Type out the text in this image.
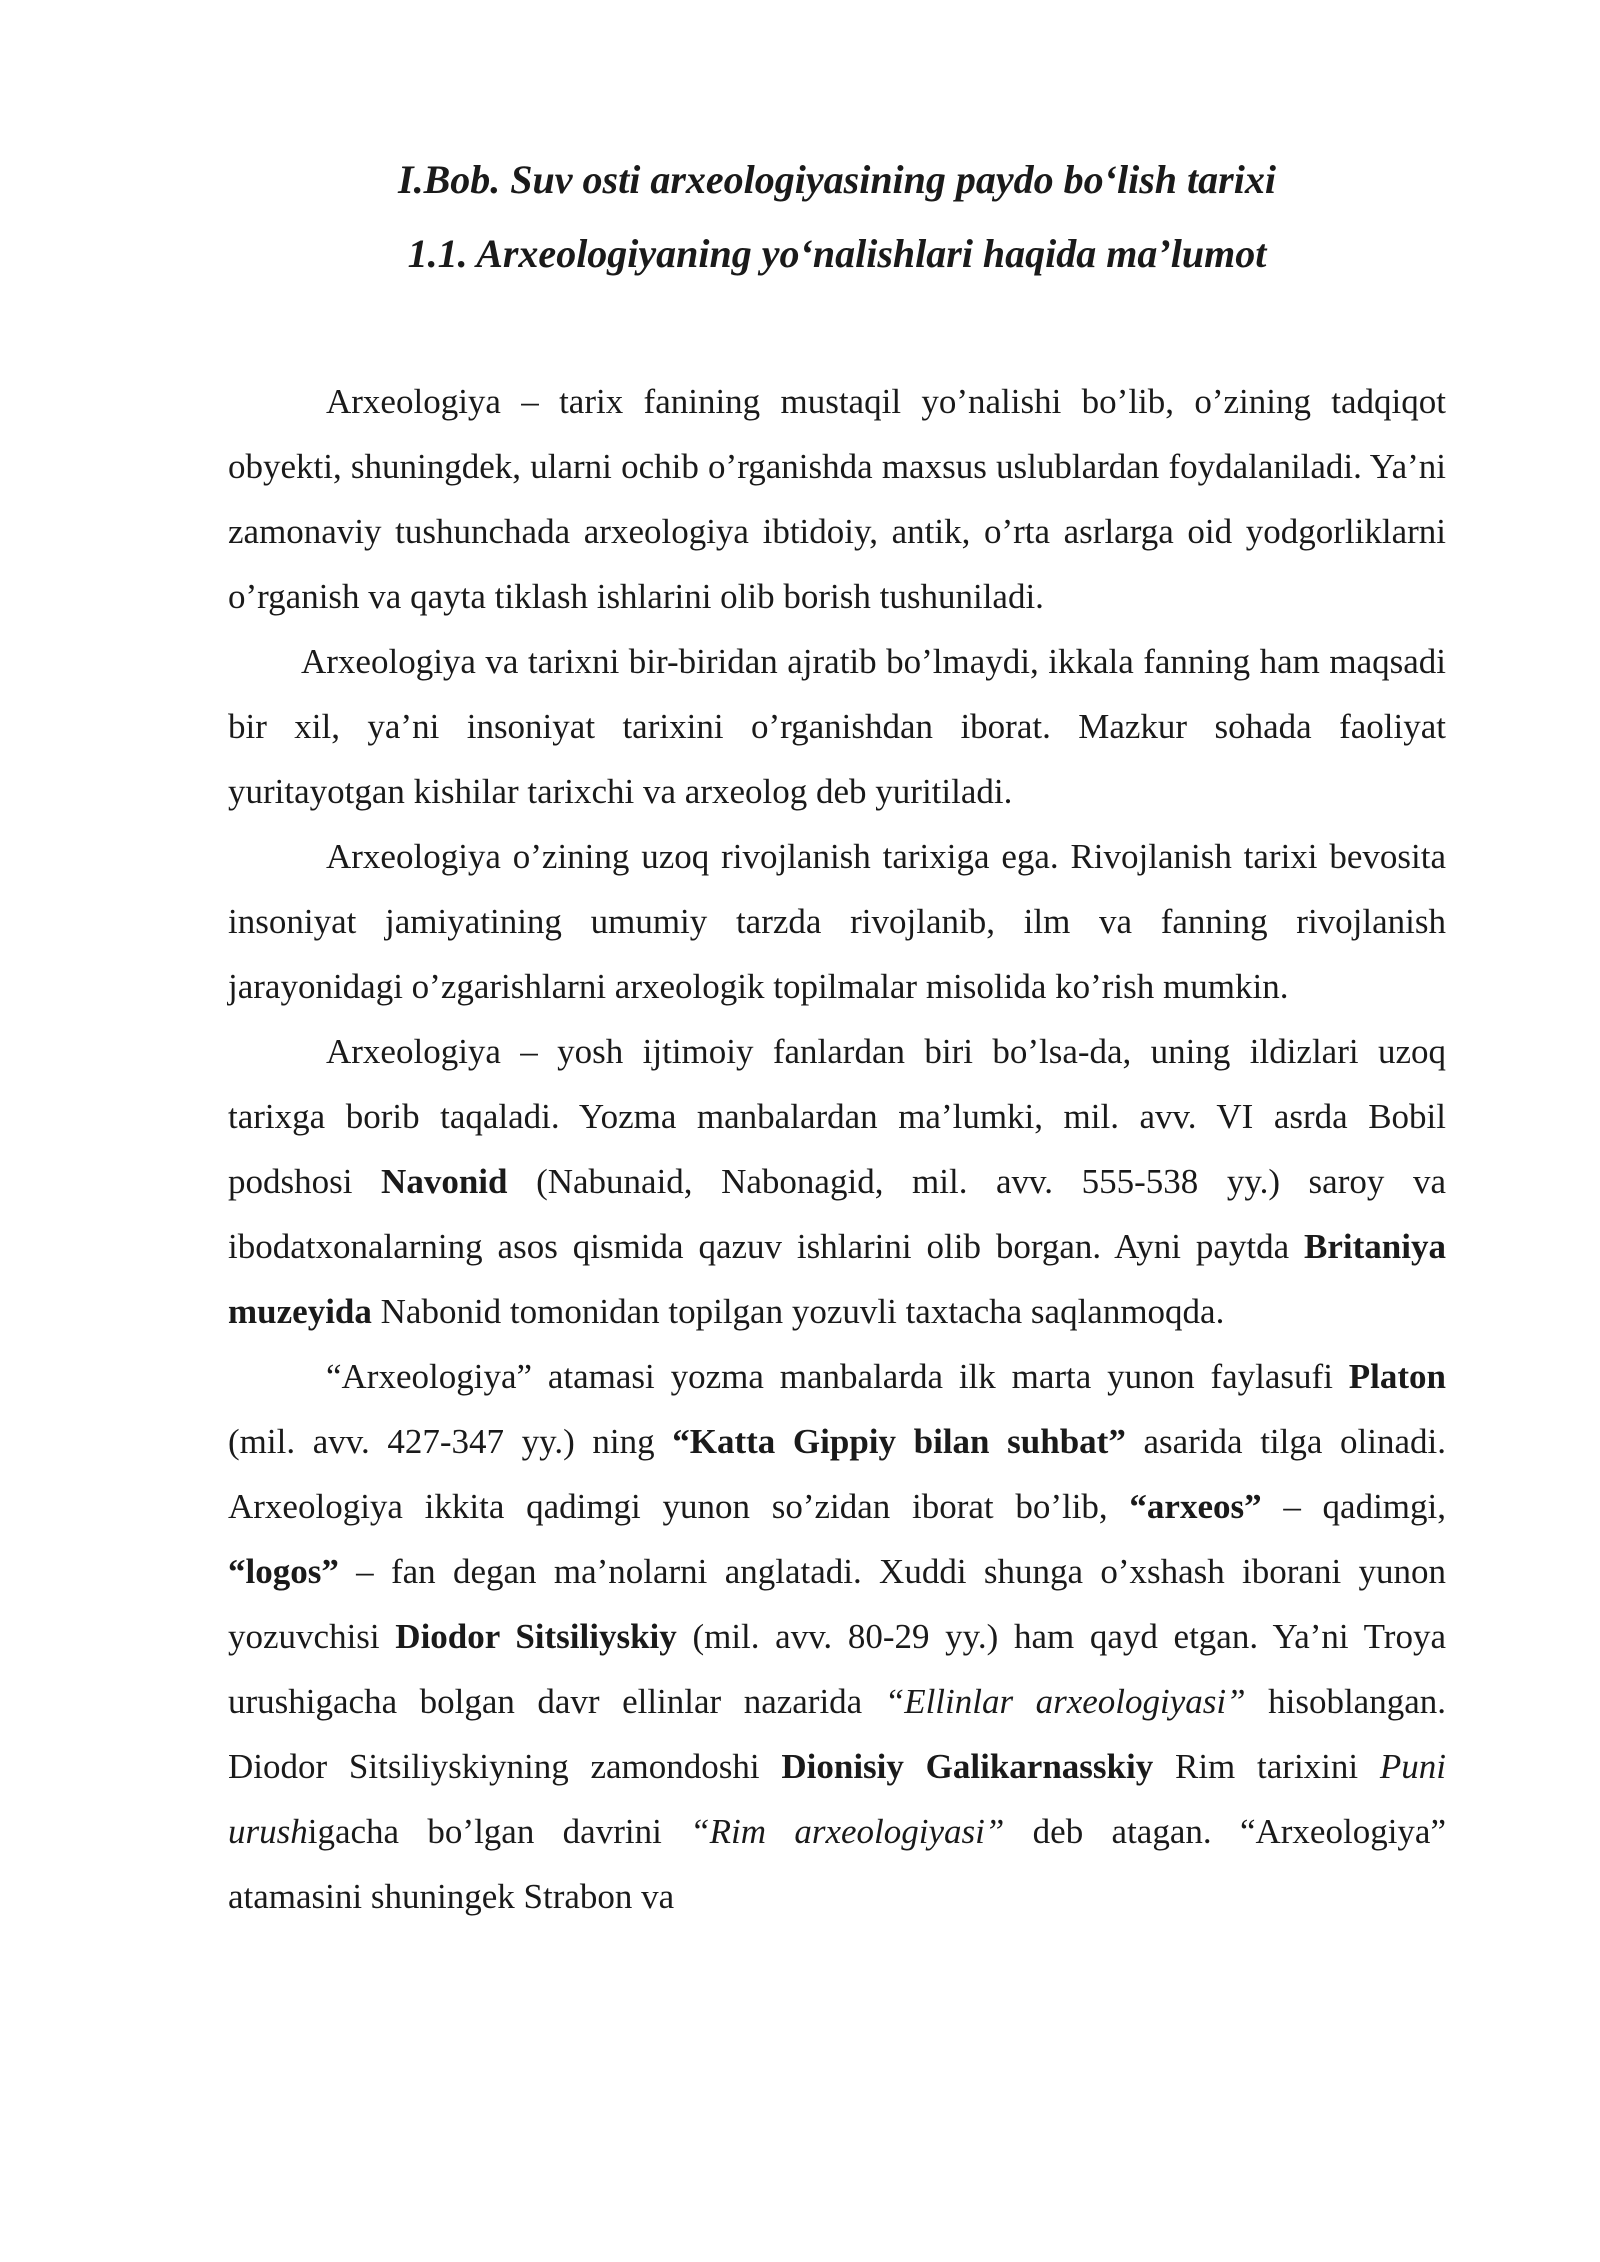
I.Bob. Suv osti arxeologiyasining paydo bo‘lish tarixi
1.1. Arxeologiyaning yo‘nalishlari haqida ma’lumot

Arxeologiya – tarix fanining mustaqil yo’nalishi bo’lib, o’zining tadqiqot obyekti, shuningdek, ularni ochib o’rganishda maxsus uslublardan foydalaniladi. Ya’ni zamonaviy tushunchada arxeologiya ibtidoiy, antik, o’rta asrlarga oid yodgorliklarni o’rganish va qayta tiklash ishlarini olib borish tushuniladi.

Arxeologiya va tarixni bir-biridan ajratib bo’lmaydi, ikkala fanning ham maqsadi bir xil, ya’ni insoniyat tarixini o’rganishdan iborat. Mazkur sohada faoliyat yuritayotgan kishilar tarixchi va arxeolog deb yuritiladi.

Arxeologiya o’zining uzoq rivojlanish tarixiga ega. Rivojlanish tarixi bevosita insoniyat jamiyatining umumiy tarzda rivojlanib, ilm va fanning rivojlanish jarayonidagi o’zgarishlarni arxeologik topilmalar misolida ko’rish mumkin.

Arxeologiya – yosh ijtimoiy fanlardan biri bo’lsa-da, uning ildizlari uzoq tarixga borib taqaladi. Yozma manbalardan ma’lumki, mil. avv. VI asrda Bobil podshosi Navonid (Nabunaid, Nabonagid, mil. avv. 555-538 yy.) saroy va ibodatxonalarning asos qismida qazuv ishlarini olib borgan. Ayni paytda Britaniya muzeyida Nabonid tomonidan topilgan yozuvli taxtacha saqlanmoqda.

“Arxeologiya” atamasi yozma manbalarda ilk marta yunon faylasufi Platon (mil. avv. 427-347 yy.) ning “Katta Gippiy bilan suhbat” asarida tilga olinadi. Arxeologiya ikkita qadimgi yunon so’zidan iborat bo’lib, “arxeos” – qadimgi, “logos” – fan degan ma’nolarni anglatadi. Xuddi shunga o’xshash iborani yunon yozuvchisi Diodor Sitsiliyskiy (mil. avv. 80-29 yy.) ham qayd etgan. Ya’ni Troya urushigacha bolgan davr ellinlar nazarida “Ellinlar arxeologiyasi” hisoblangan. Diodor Sitsiliyskiyning zamondoshi Dionisiy Galikarnasskiy Rim tarixini Puni urushigacha bo’lgan davrini “Rim arxeologiyasi” deb atagan. “Arxeologiya” atamasini shuningek Strabon va
